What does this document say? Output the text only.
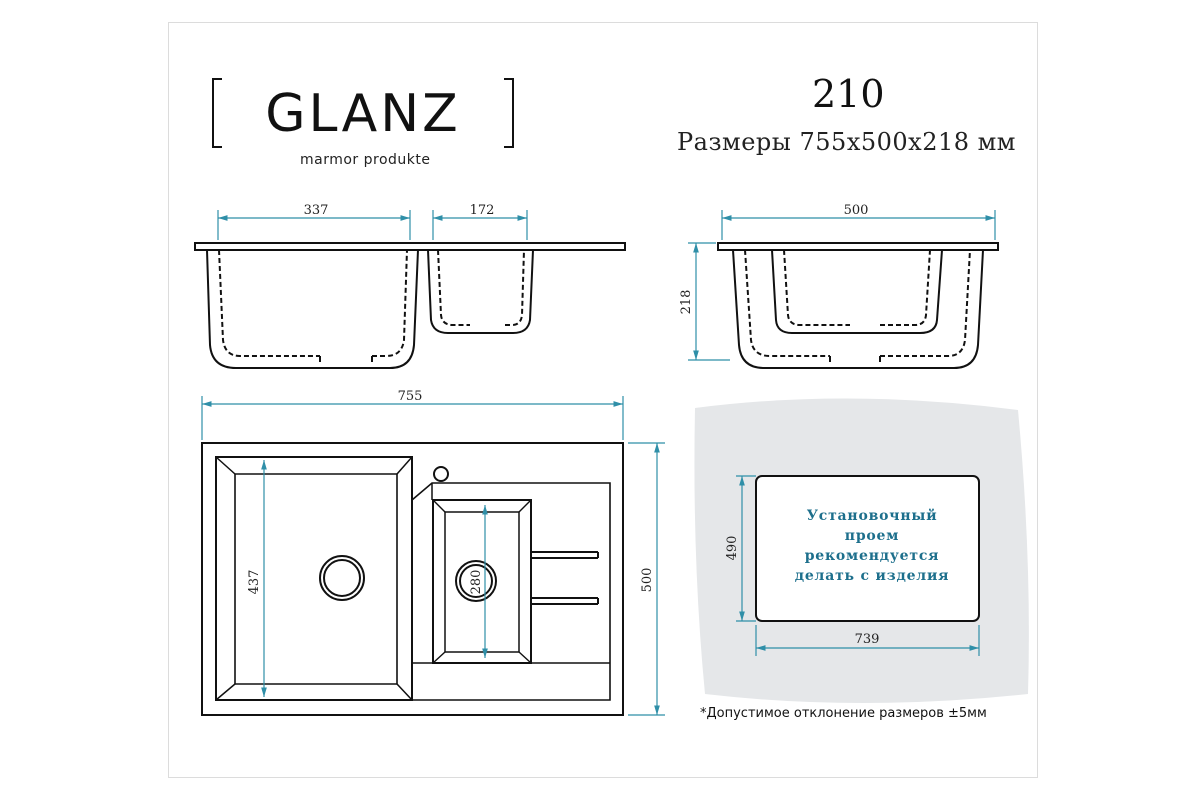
GLANZ
marmor produkte
210
Размеры 755х500х218 мм
337	172	500
218
755
437	280	500
490
739
Установочный
проем
рекомендуется
делать с изделия
*Допустимое отклонение размеров ±5мм
